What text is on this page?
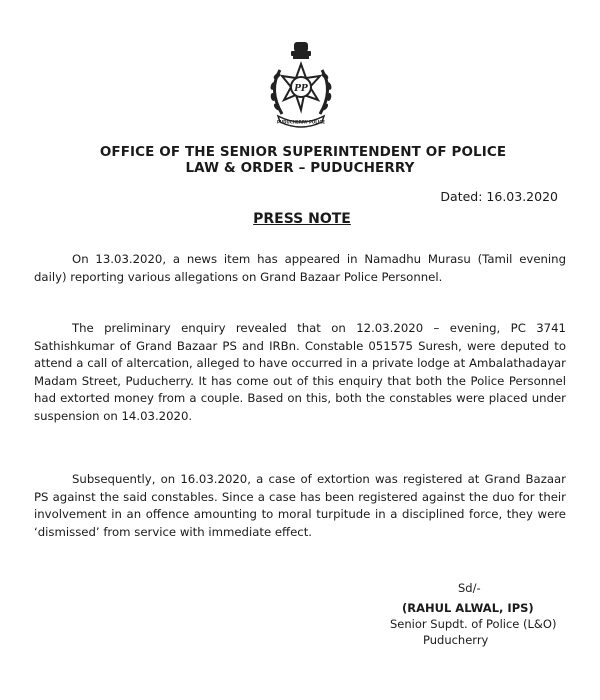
PP
PUDUCHERRY POLICE
OFFICE OF THE SENIOR SUPERINTENDENT OF POLICE
LAW & ORDER – PUDUCHERRY
Dated: 16.03.2020
PRESS NOTE

On 13.03.2020, a news item has appeared in Namadhu Murasu (Tamil evening daily) reporting various allegations on Grand Bazaar Police Personnel.

The preliminary enquiry revealed that on 12.03.2020 – evening, PC 3741 Sathishkumar of Grand Bazaar PS and IRBn. Constable 051575 Suresh, were deputed to attend a call of altercation, alleged to have occurred in a private lodge at Ambalathadayar Madam Street, Puducherry. It has come out of this enquiry that both the Police Personnel had extorted money from a couple. Based on this, both the constables were placed under suspension on 14.03.2020.

Subsequently, on 16.03.2020, a case of extortion was registered at Grand Bazaar PS against the said constables. Since a case has been registered against the duo for their involvement in an offence amounting to moral turpitude in a disciplined force, they were ‘dismissed’ from service with immediate effect.

Sd/-
(RAHUL ALWAL, IPS)
Senior Supdt. of Police (L&O)
Puducherry
